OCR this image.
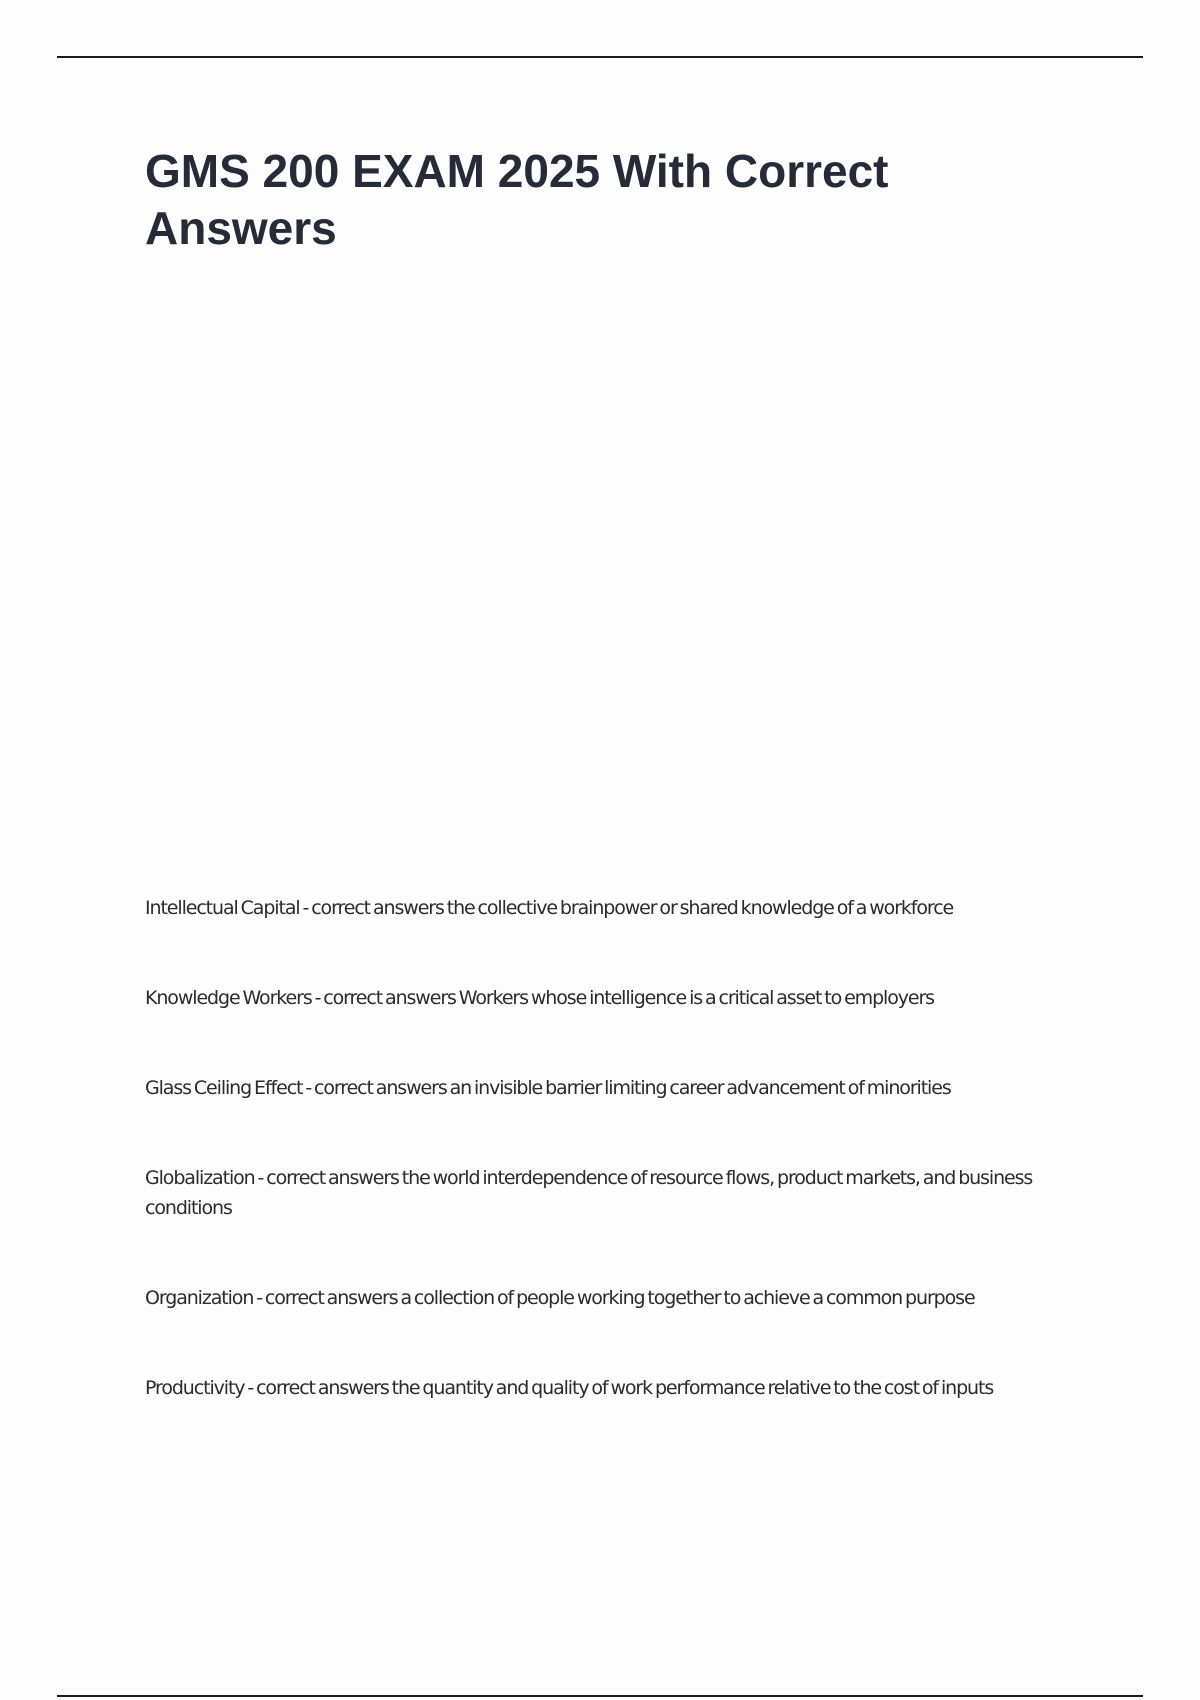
GMS 200 EXAM 2025 With Correct Answers
Intellectual Capital - correct answers the collective brainpower or shared knowledge of a workforce
Knowledge Workers - correct answers Workers whose intelligence is a critical asset to employers
Glass Ceiling Effect - correct answers an invisible barrier limiting career advancement of minorities
Globalization - correct answers the world interdependence of resource flows, product markets, and business conditions
Organization - correct answers a collection of people working together to achieve a common purpose
Productivity - correct answers the quantity and quality of work performance relative to the cost of inputs
